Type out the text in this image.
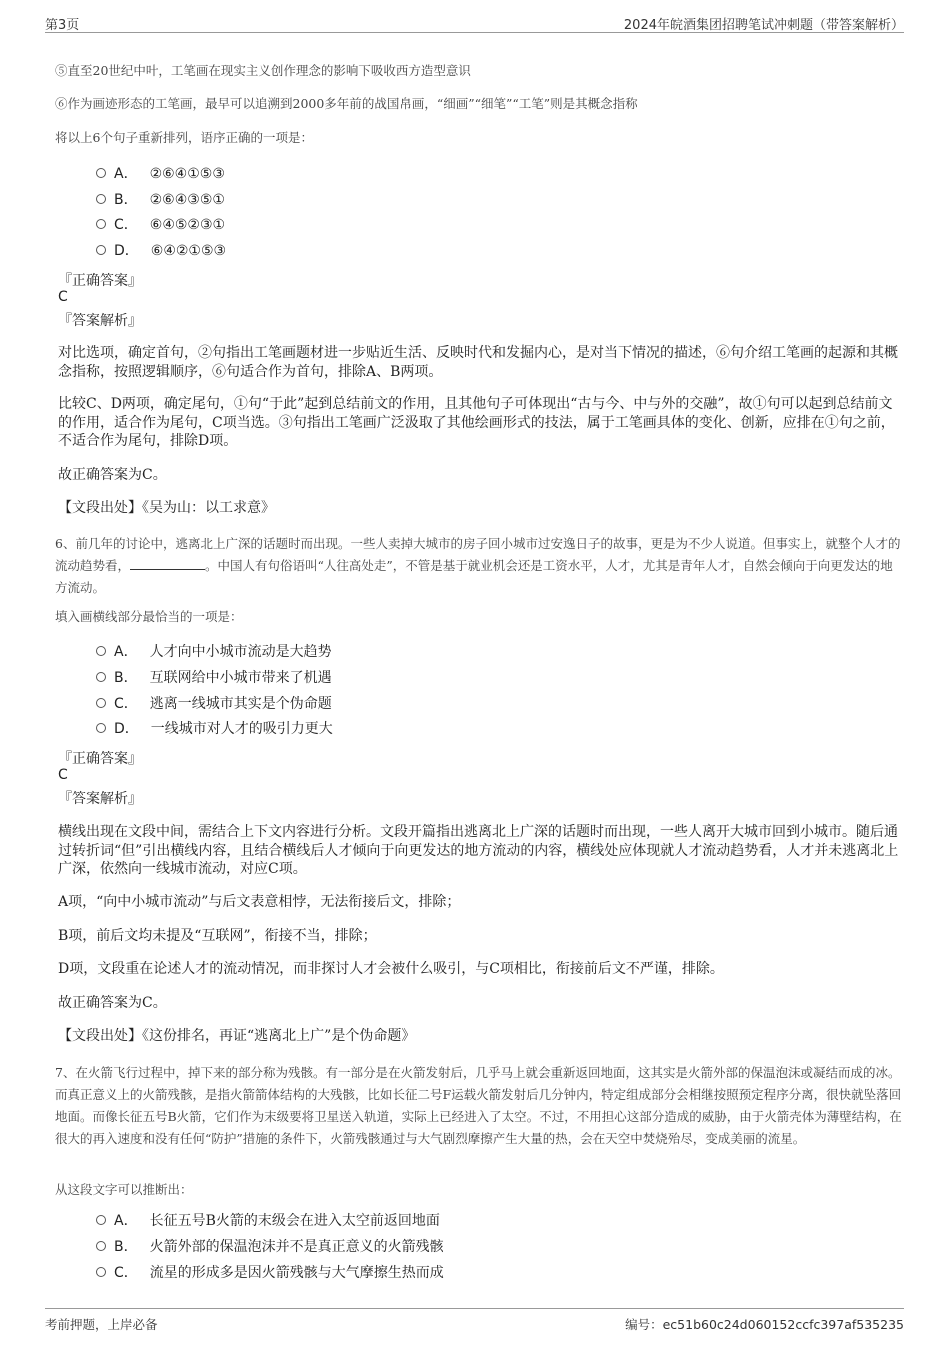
第3页	2024年皖酒集团招聘笔试冲刺题（带答案解析）

⑤直至20世纪中叶，工笔画在现实主义创作理念的影响下吸收西方造型意识

⑥作为画迹形态的工笔画，最早可以追溯到2000多年前的战国帛画，“细画”“细笔”“工笔”则是其概念指称

将以上6个句子重新排列，语序正确的一项是：

A． ②⑥④①⑤③
B． ②⑥④③⑤①
C． ⑥④⑤②③①
D． ⑥④②①⑤③
『正确答案』
C
『答案解析』

对比选项，确定首句，②句指出工笔画题材进一步贴近生活、反映时代和发掘内心，是对当下情况的描述，⑥句介绍工笔画的起源和其概念指称，按照逻辑顺序，⑥句适合作为首句，排除A、B两项。

比较C、D两项，确定尾句，①句“于此”起到总结前文的作用，且其他句子可体现出“古与今、中与外的交融”，故①句可以起到总结前文的作用，适合作为尾句，C项当选。③句指出工笔画广泛汲取了其他绘画形式的技法，属于工笔画具体的变化、创新，应排在①句之前，不适合作为尾句，排除D项。

故正确答案为C。

【文段出处】《吴为山：以工求意》

6、前几年的讨论中，逃离北上广深的话题时而出现。一些人卖掉大城市的房子回小城市过安逸日子的故事，更是为不少人说道。但事实上，就整个人才的流动趋势看，	。中国人有句俗语叫“人往高处走”，不管是基于就业机会还是工资水平，人才，尤其是青年人才，自然会倾向于向更发达的地方流动。

填入画横线部分最恰当的一项是：

A． 人才向中小城市流动是大趋势
B． 互联网给中小城市带来了机遇
C． 逃离一线城市其实是个伪命题
D． 一线城市对人才的吸引力更大
『正确答案』
C
『答案解析』

横线出现在文段中间，需结合上下文内容进行分析。文段开篇指出逃离北上广深的话题时而出现，一些人离开大城市回到小城市。随后通过转折词“但”引出横线内容，且结合横线后人才倾向于向更发达的地方流动的内容，横线处应体现就人才流动趋势看，人才并未逃离北上广深，依然向一线城市流动，对应C项。

A项，“向中小城市流动”与后文表意相悖，无法衔接后文，排除；

B项，前后文均未提及“互联网”，衔接不当，排除；

D项，文段重在论述人才的流动情况，而非探讨人才会被什么吸引，与C项相比，衔接前后文不严谨，排除。

故正确答案为C。

【文段出处】《这份排名，再证“逃离北上广”是个伪命题》

7、在火箭飞行过程中，掉下来的部分称为残骸。有一部分是在火箭发射后，几乎马上就会重新返回地面，这其实是火箭外部的保温泡沫或凝结而成的冰。而真正意义上的火箭残骸，是指火箭箭体结构的大残骸，比如长征二号F运载火箭发射后几分钟内，特定组成部分会相继按照预定程序分离，很快就坠落回地面。而像长征五号B火箭，它们作为末级要将卫星送入轨道，实际上已经进入了太空。不过，不用担心这部分造成的威胁，由于火箭壳体为薄壁结构，在很大的再入速度和没有任何“防护”措施的条件下，火箭残骸通过与大气剧烈摩擦产生大量的热，会在天空中焚烧殆尽，变成美丽的流星。

从这段文字可以推断出：

A． 长征五号B火箭的末级会在进入太空前返回地面
B． 火箭外部的保温泡沫并不是真正意义的火箭残骸
C． 流星的形成多是因火箭残骸与大气摩擦生热而成
考前押题，上岸必备	编号：ec51b60c24d060152ccfc397af535235
